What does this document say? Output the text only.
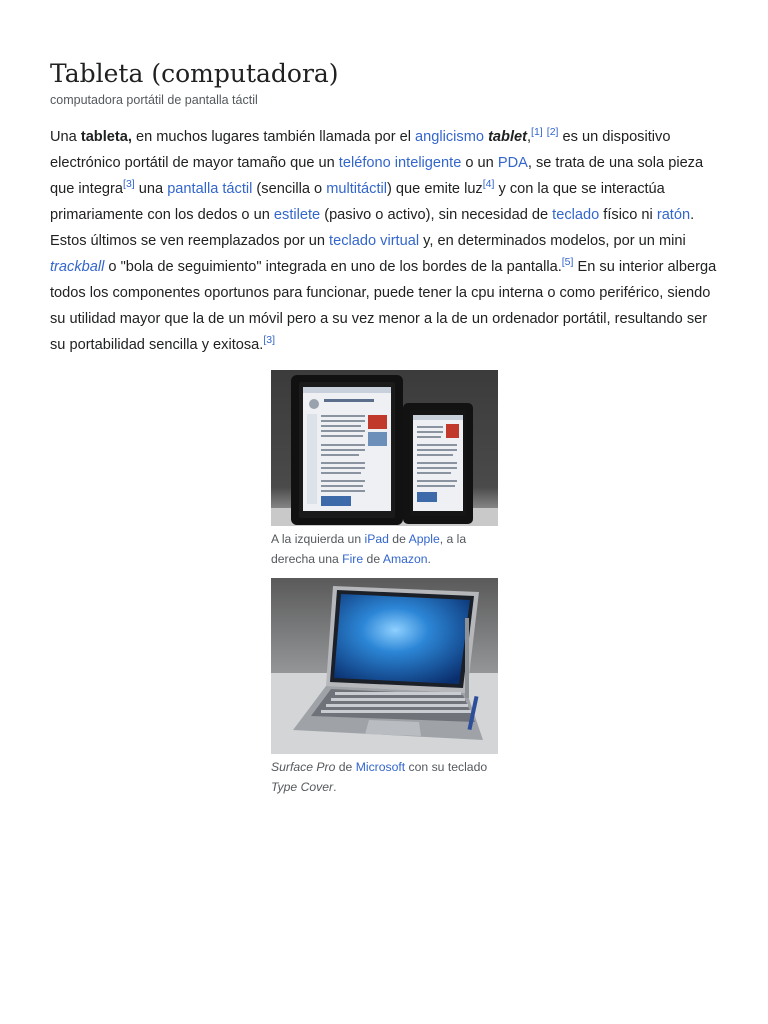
Tableta (computadora)
computadora portátil de pantalla táctil

Una tableta, en muchos lugares también llamada por el anglicismo tablet,[1] [2] es un dispositivo electrónico portátil de mayor tamaño que un teléfono inteligente o un PDA, se trata de una sola pieza que integra[3] una pantalla táctil (sencilla o multitáctil) que emite luz[4] y con la que se interactúa primariamente con los dedos o un estilete (pasivo o activo), sin necesidad de teclado físico ni ratón. Estos últimos se ven reemplazados por un teclado virtual y, en determinados modelos, por un mini trackball o "bola de seguimiento" integrada en uno de los bordes de la pantalla.[5] En su interior alberga todos los componentes oportunos para funcionar, puede tener la cpu interna o como periférico, siendo su utilidad mayor que la de un móvil pero a su vez menor a la de un ordenador portátil, resultando ser su portabilidad sencilla y exitosa.[3]

A la izquierda un iPad de Apple, a la derecha una Fire de Amazon.
Surface Pro de Microsoft con su teclado Type Cover.
